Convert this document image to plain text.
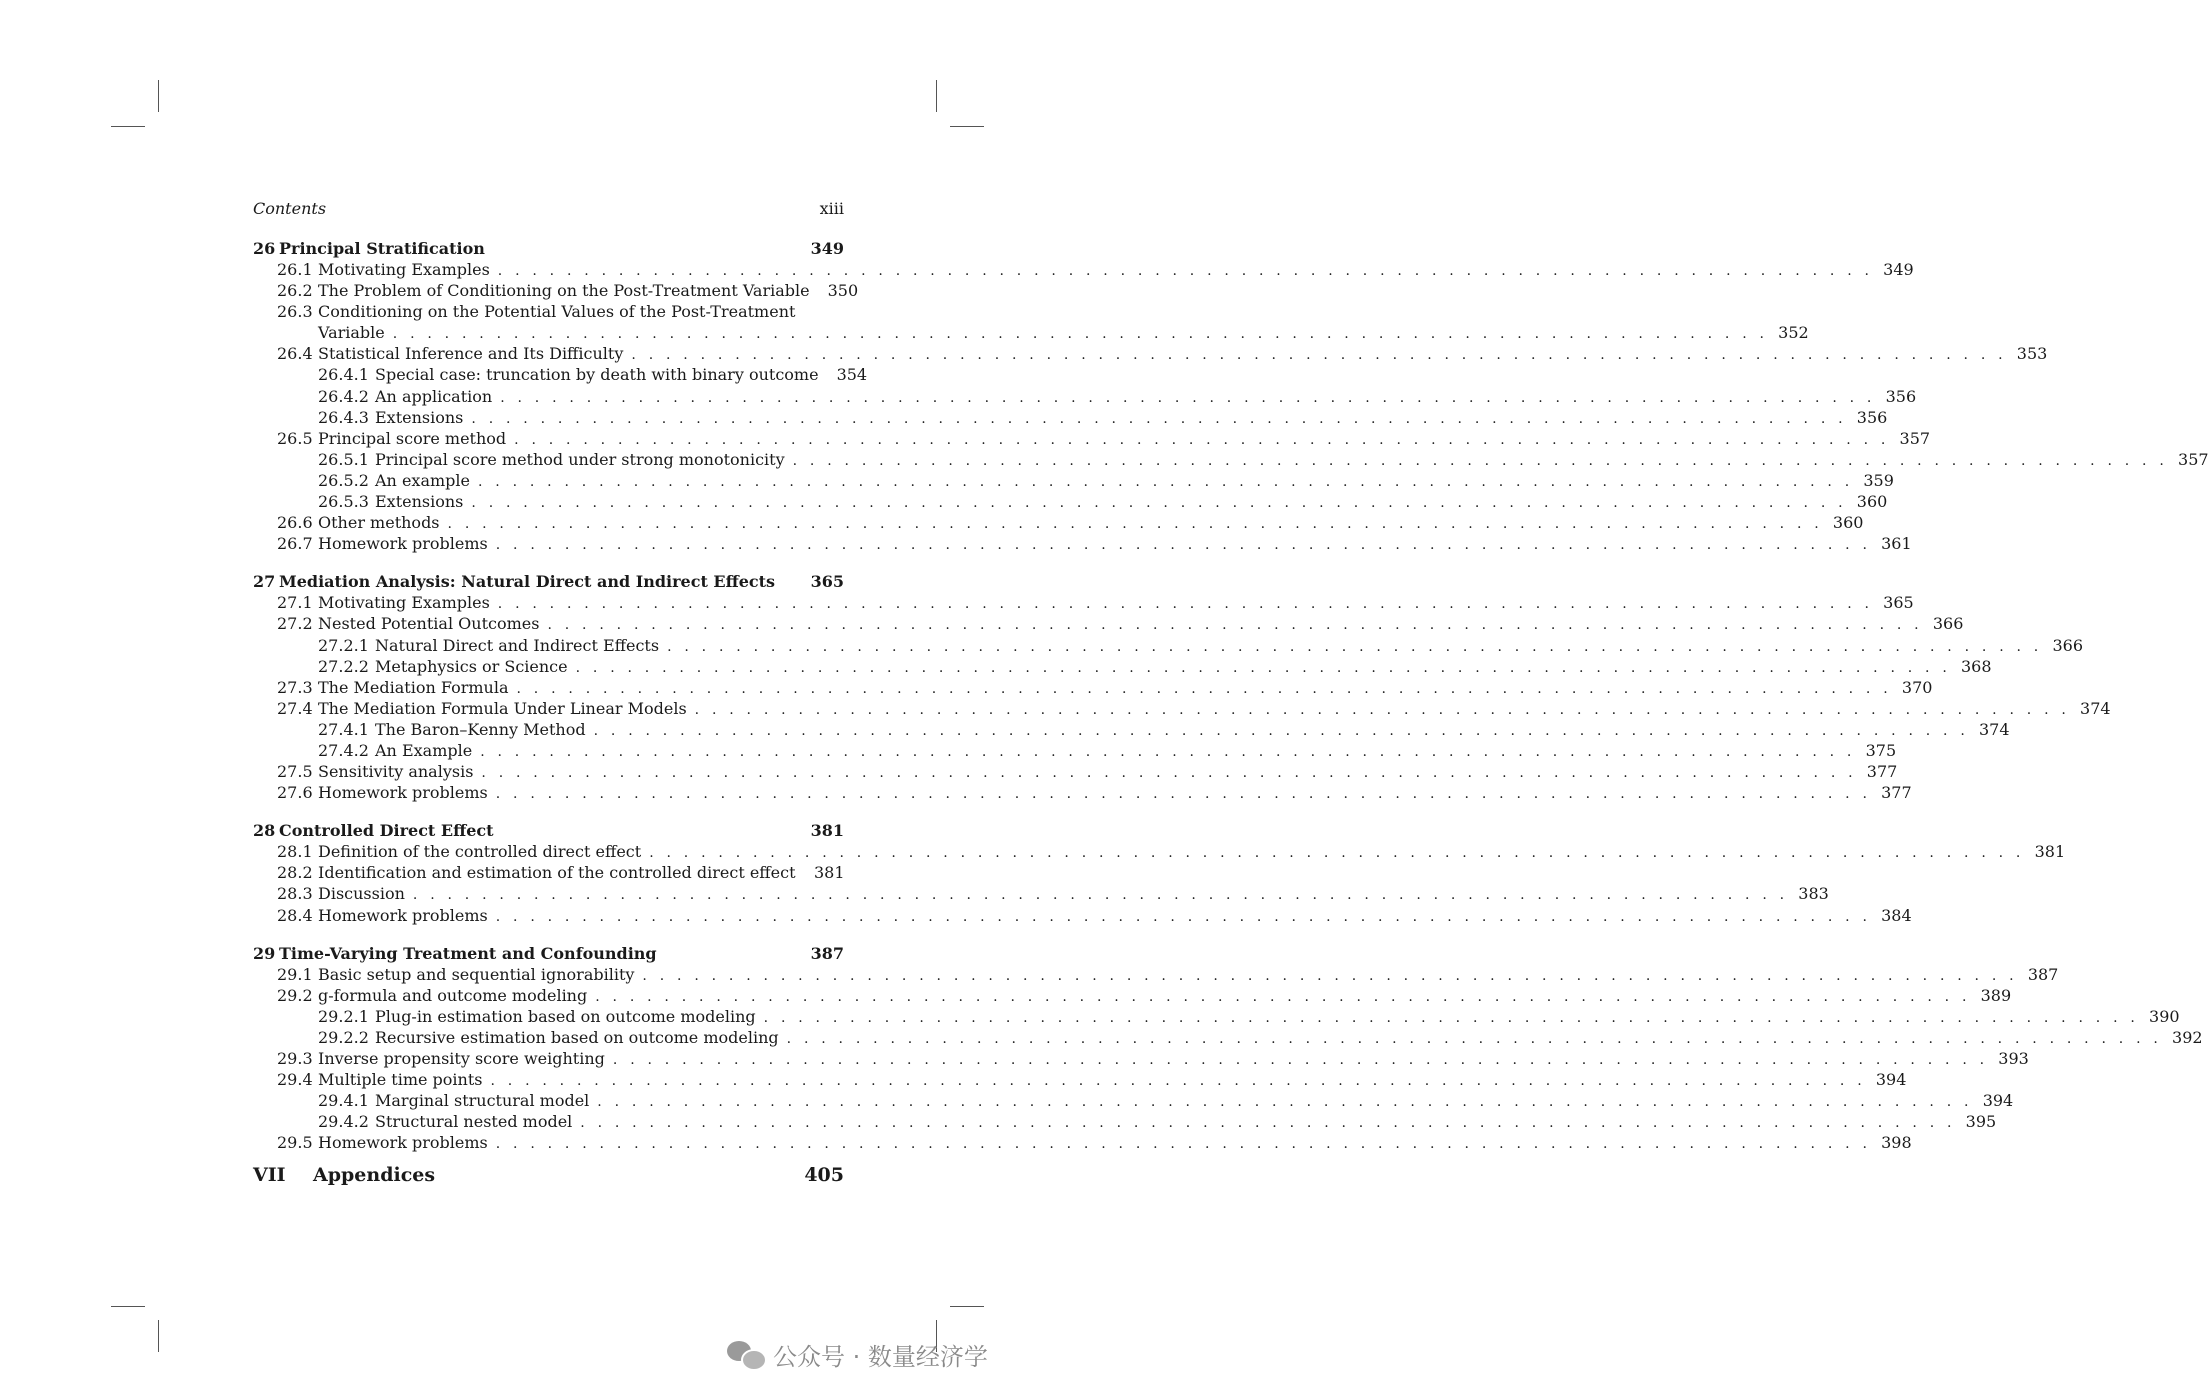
Contents	xiii
26 Principal Stratification	349
26.1 Motivating Examples . . . . . . . . . . . . . . . . . . . . . . . . . . . . . . . . . . . . . . . . . . . . . . . . . . . . . . . . . . . . . . . . . . . . . . . . . . . . . . . . 349
26.2 The Problem of Conditioning on the Post-Treatment Variable 350
26.3 Conditioning on the Potential Values of the Post-Treatment
Variable . . . . . . . . . . . . . . . . . . . . . . . . . . . . . . . . . . . . . . . . . . . . . . . . . . . . . . . . . . . . . . . . . . . . . . . . . . . . . . . . 352
26.4 Statistical Inference and Its Difficulty . . . . . . . . . . . . . . . . . . . . . . . . . . . . . . . . . . . . . . . . . . . . . . . . . . . . . . . . . . . . . . . . . . . . . . . . . . . . . . . . 353
26.4.1 Special case: truncation by death with binary outcome 354
26.4.2 An application . . . . . . . . . . . . . . . . . . . . . . . . . . . . . . . . . . . . . . . . . . . . . . . . . . . . . . . . . . . . . . . . . . . . . . . . . . . . . . . . 356
26.4.3 Extensions . . . . . . . . . . . . . . . . . . . . . . . . . . . . . . . . . . . . . . . . . . . . . . . . . . . . . . . . . . . . . . . . . . . . . . . . . . . . . . . . 356
26.5 Principal score method . . . . . . . . . . . . . . . . . . . . . . . . . . . . . . . . . . . . . . . . . . . . . . . . . . . . . . . . . . . . . . . . . . . . . . . . . . . . . . . . 357
26.5.1 Principal score method under strong monotonicity . . . . . . . . . . . . . . . . . . . . . . . . . . . . . . . . . . . . . . . . . . . . . . . . . . . . . . . . . . . . . . . . . . . . . . . . . . . . . . . . 357
26.5.2 An example . . . . . . . . . . . . . . . . . . . . . . . . . . . . . . . . . . . . . . . . . . . . . . . . . . . . . . . . . . . . . . . . . . . . . . . . . . . . . . . . 359
26.5.3 Extensions . . . . . . . . . . . . . . . . . . . . . . . . . . . . . . . . . . . . . . . . . . . . . . . . . . . . . . . . . . . . . . . . . . . . . . . . . . . . . . . . 360
26.6 Other methods . . . . . . . . . . . . . . . . . . . . . . . . . . . . . . . . . . . . . . . . . . . . . . . . . . . . . . . . . . . . . . . . . . . . . . . . . . . . . . . . 360
26.7 Homework problems . . . . . . . . . . . . . . . . . . . . . . . . . . . . . . . . . . . . . . . . . . . . . . . . . . . . . . . . . . . . . . . . . . . . . . . . . . . . . . . . 361
27 Mediation Analysis: Natural Direct and Indirect Effects	365
27.1 Motivating Examples . . . . . . . . . . . . . . . . . . . . . . . . . . . . . . . . . . . . . . . . . . . . . . . . . . . . . . . . . . . . . . . . . . . . . . . . . . . . . . . . 365
27.2 Nested Potential Outcomes . . . . . . . . . . . . . . . . . . . . . . . . . . . . . . . . . . . . . . . . . . . . . . . . . . . . . . . . . . . . . . . . . . . . . . . . . . . . . . . . 366
27.2.1 Natural Direct and Indirect Effects . . . . . . . . . . . . . . . . . . . . . . . . . . . . . . . . . . . . . . . . . . . . . . . . . . . . . . . . . . . . . . . . . . . . . . . . . . . . . . . . 366
27.2.2 Metaphysics or Science . . . . . . . . . . . . . . . . . . . . . . . . . . . . . . . . . . . . . . . . . . . . . . . . . . . . . . . . . . . . . . . . . . . . . . . . . . . . . . . . 368
27.3 The Mediation Formula . . . . . . . . . . . . . . . . . . . . . . . . . . . . . . . . . . . . . . . . . . . . . . . . . . . . . . . . . . . . . . . . . . . . . . . . . . . . . . . . 370
27.4 The Mediation Formula Under Linear Models . . . . . . . . . . . . . . . . . . . . . . . . . . . . . . . . . . . . . . . . . . . . . . . . . . . . . . . . . . . . . . . . . . . . . . . . . . . . . . . . 374
27.4.1 The Baron–Kenny Method . . . . . . . . . . . . . . . . . . . . . . . . . . . . . . . . . . . . . . . . . . . . . . . . . . . . . . . . . . . . . . . . . . . . . . . . . . . . . . . . 374
27.4.2 An Example . . . . . . . . . . . . . . . . . . . . . . . . . . . . . . . . . . . . . . . . . . . . . . . . . . . . . . . . . . . . . . . . . . . . . . . . . . . . . . . . 375
27.5 Sensitivity analysis . . . . . . . . . . . . . . . . . . . . . . . . . . . . . . . . . . . . . . . . . . . . . . . . . . . . . . . . . . . . . . . . . . . . . . . . . . . . . . . . 377
27.6 Homework problems . . . . . . . . . . . . . . . . . . . . . . . . . . . . . . . . . . . . . . . . . . . . . . . . . . . . . . . . . . . . . . . . . . . . . . . . . . . . . . . . 377
28 Controlled Direct Effect	381
28.1 Definition of the controlled direct effect . . . . . . . . . . . . . . . . . . . . . . . . . . . . . . . . . . . . . . . . . . . . . . . . . . . . . . . . . . . . . . . . . . . . . . . . . . . . . . . . 381
28.2 Identification and estimation of the controlled direct effect 381
28.3 Discussion . . . . . . . . . . . . . . . . . . . . . . . . . . . . . . . . . . . . . . . . . . . . . . . . . . . . . . . . . . . . . . . . . . . . . . . . . . . . . . . . 383
28.4 Homework problems . . . . . . . . . . . . . . . . . . . . . . . . . . . . . . . . . . . . . . . . . . . . . . . . . . . . . . . . . . . . . . . . . . . . . . . . . . . . . . . . 384
29 Time-Varying Treatment and Confounding	387
29.1 Basic setup and sequential ignorability . . . . . . . . . . . . . . . . . . . . . . . . . . . . . . . . . . . . . . . . . . . . . . . . . . . . . . . . . . . . . . . . . . . . . . . . . . . . . . . . 387
29.2 g-formula and outcome modeling . . . . . . . . . . . . . . . . . . . . . . . . . . . . . . . . . . . . . . . . . . . . . . . . . . . . . . . . . . . . . . . . . . . . . . . . . . . . . . . . 389
29.2.1 Plug-in estimation based on outcome modeling . . . . . . . . . . . . . . . . . . . . . . . . . . . . . . . . . . . . . . . . . . . . . . . . . . . . . . . . . . . . . . . . . . . . . . . . . . . . . . . . 390
29.2.2 Recursive estimation based on outcome modeling . . . . . . . . . . . . . . . . . . . . . . . . . . . . . . . . . . . . . . . . . . . . . . . . . . . . . . . . . . . . . . . . . . . . . . . . . . . . . . . . 392
29.3 Inverse propensity score weighting . . . . . . . . . . . . . . . . . . . . . . . . . . . . . . . . . . . . . . . . . . . . . . . . . . . . . . . . . . . . . . . . . . . . . . . . . . . . . . . . 393
29.4 Multiple time points . . . . . . . . . . . . . . . . . . . . . . . . . . . . . . . . . . . . . . . . . . . . . . . . . . . . . . . . . . . . . . . . . . . . . . . . . . . . . . . . 394
29.4.1 Marginal structural model . . . . . . . . . . . . . . . . . . . . . . . . . . . . . . . . . . . . . . . . . . . . . . . . . . . . . . . . . . . . . . . . . . . . . . . . . . . . . . . . 394
29.4.2 Structural nested model . . . . . . . . . . . . . . . . . . . . . . . . . . . . . . . . . . . . . . . . . . . . . . . . . . . . . . . . . . . . . . . . . . . . . . . . . . . . . . . . 395
29.5 Homework problems . . . . . . . . . . . . . . . . . . . . . . . . . . . . . . . . . . . . . . . . . . . . . . . . . . . . . . . . . . . . . . . . . . . . . . . . . . . . . . . . 398
VII	Appendices	405
公众号 · 数量经济学
